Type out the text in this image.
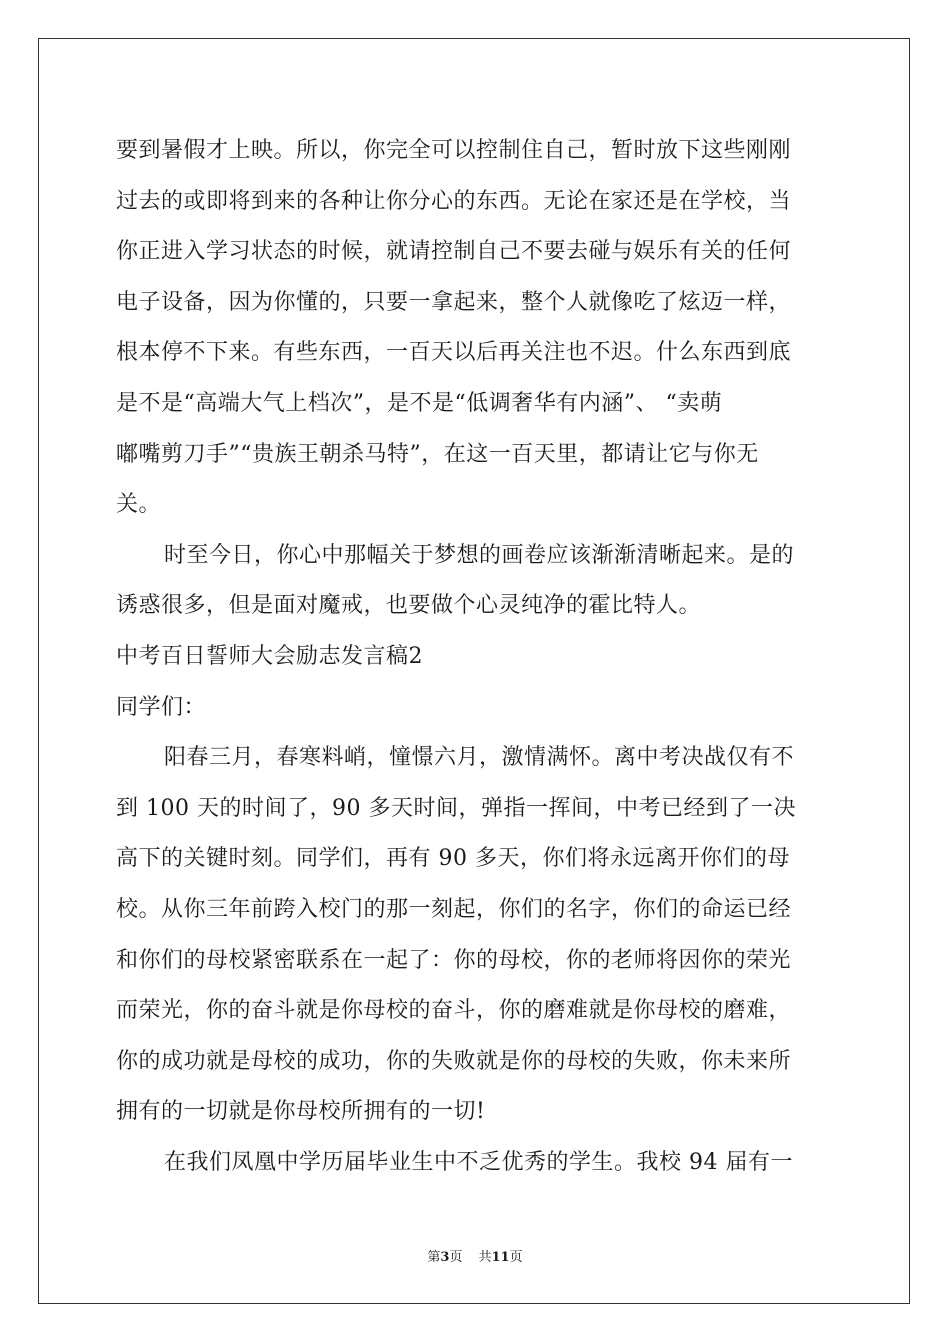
要到暑假才上映。所以，你完全可以控制住自己，暂时放下这些刚刚
过去的或即将到来的各种让你分心的东西。无论在家还是在学校，当
你正进入学习状态的时候，就请控制自己不要去碰与娱乐有关的任何
电子设备，因为你懂的，只要一拿起来，整个人就像吃了炫迈一样，
根本停不下来。有些东西，一百天以后再关注也不迟。什么东西到底
是不是“高端大气上档次”，是不是“低调奢华有内涵”、 “卖萌
嘟嘴剪刀手”“贵族王朝杀马特”，在这一百天里，都请让它与你无
关。
时至今日，你心中那幅关于梦想的画卷应该渐渐清晰起来。是的
诱惑很多，但是面对魔戒，也要做个心灵纯净的霍比特人。
中考百日誓师大会励志发言稿2
同学们：
阳春三月，春寒料峭，憧憬六月，激情满怀。离中考决战仅有不
到 100 天的时间了，90 多天时间，弹指一挥间，中考已经到了一决
高下的关键时刻。同学们，再有 90 多天，你们将永远离开你们的母
校。从你三年前跨入校门的那一刻起，你们的名字，你们的命运已经
和你们的母校紧密联系在一起了：你的母校，你的老师将因你的荣光
而荣光，你的奋斗就是你母校的奋斗，你的磨难就是你母校的磨难，
你的成功就是母校的成功，你的失败就是你的母校的失败，你未来所
拥有的一切就是你母校所拥有的一切!
在我们凤凰中学历届毕业生中不乏优秀的学生。我校 94 届有一
第3页 共11页
